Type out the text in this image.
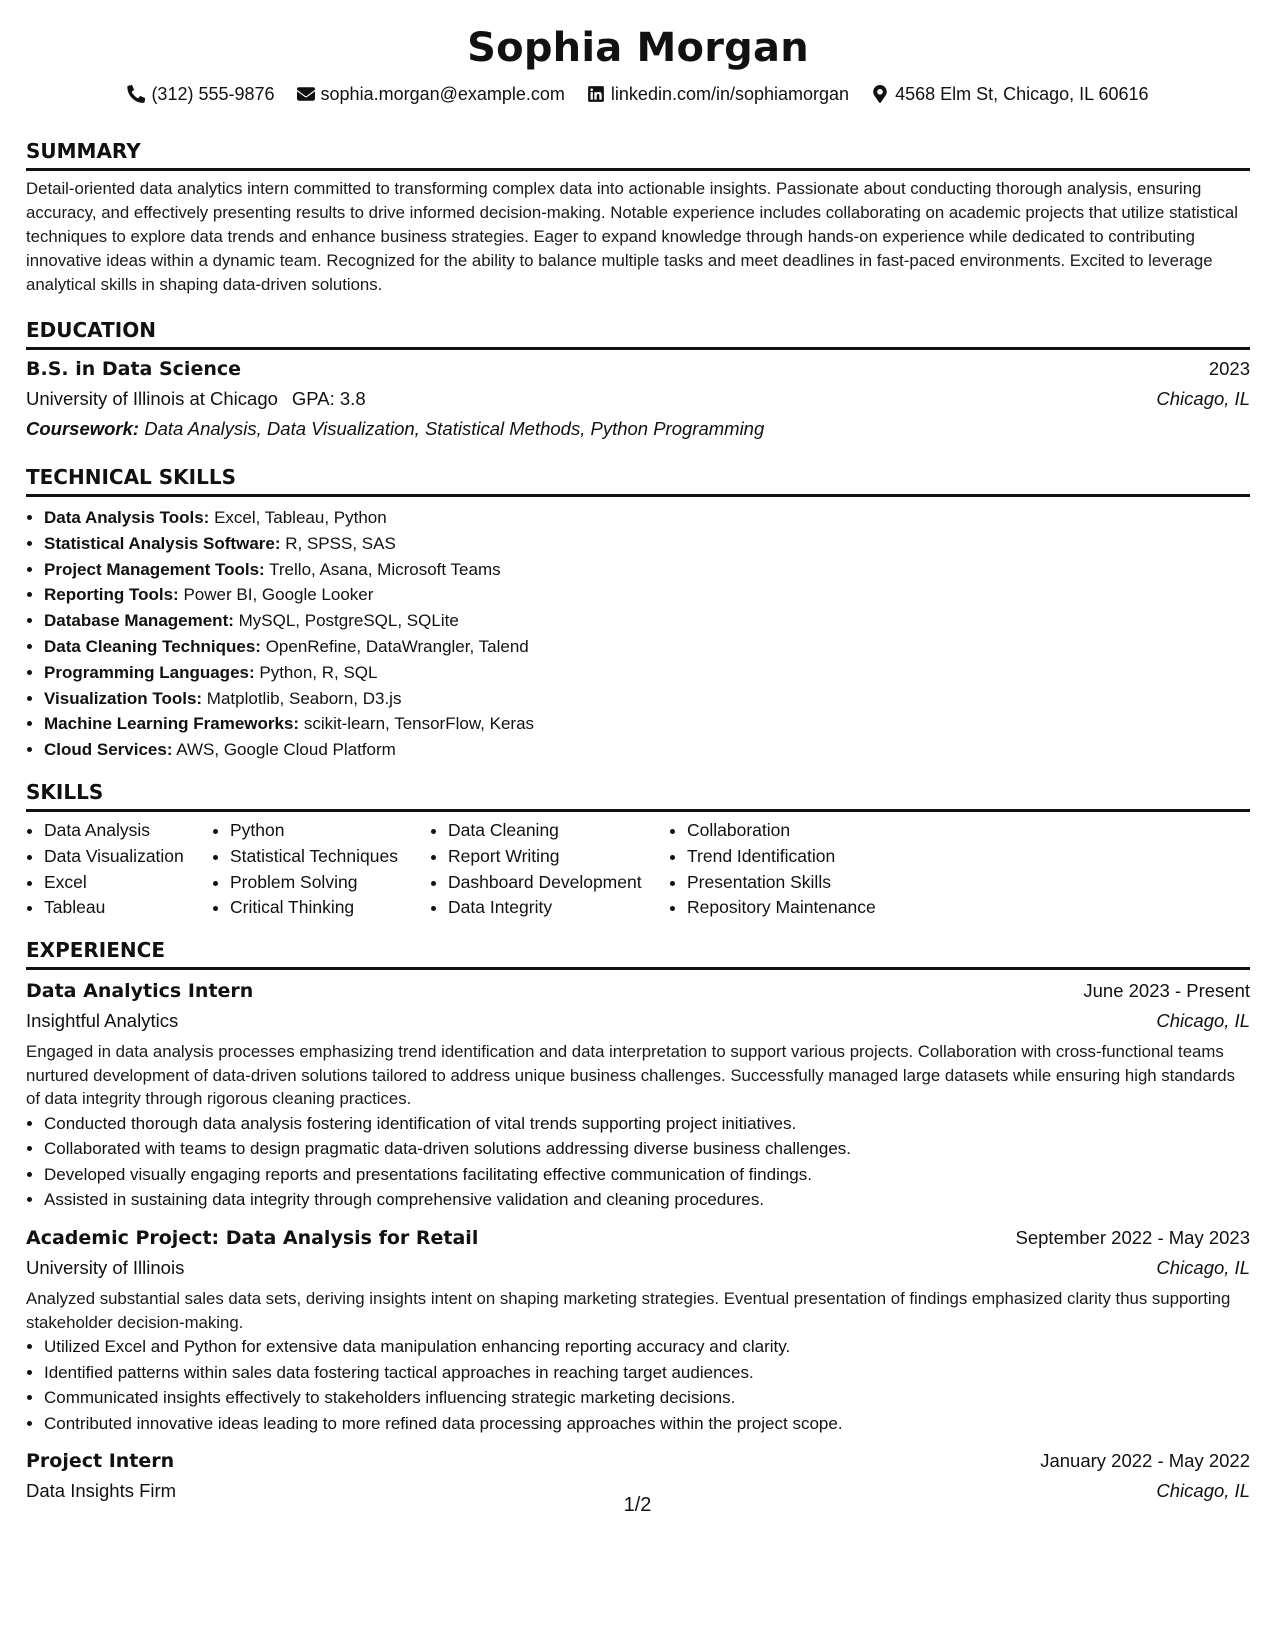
Sophia Morgan
(312) 555-9876	sophia.morgan@example.com	linkedin.com/in/sophiamorgan	4568 Elm St, Chicago, IL 60616
SUMMARY

Detail-oriented data analytics intern committed to transforming complex data into actionable insights. Passionate about conducting thorough analysis, ensuring accuracy, and effectively presenting results to drive informed decision-making. Notable experience includes collaborating on academic projects that utilize statistical techniques to explore data trends and enhance business strategies. Eager to expand knowledge through hands-on experience while dedicated to contributing innovative ideas within a dynamic team. Recognized for the ability to balance multiple tasks and meet deadlines in fast-paced environments. Excited to leverage analytical skills in shaping data-driven solutions.

EDUCATION
B.S. in Data Science	2023
University of Illinois at Chicago GPA: 3.8	Chicago, IL
Coursework: Data Analysis, Data Visualization, Statistical Methods, Python Programming
TECHNICAL SKILLS
• Data Analysis Tools: Excel, Tableau, Python
• Statistical Analysis Software: R, SPSS, SAS
• Project Management Tools: Trello, Asana, Microsoft Teams
• Reporting Tools: Power BI, Google Looker
• Database Management: MySQL, PostgreSQL, SQLite
• Data Cleaning Techniques: OpenRefine, DataWrangler, Talend
• Programming Languages: Python, R, SQL
• Visualization Tools: Matplotlib, Seaborn, D3.js
• Machine Learning Frameworks: scikit-learn, TensorFlow, Keras
• Cloud Services: AWS, Google Cloud Platform
SKILLS
• Data Analysis
• Data Visualization
• Excel
• Tableau
• Python
• Statistical Techniques
• Problem Solving
• Critical Thinking
• Data Cleaning
• Report Writing
• Dashboard Development
• Data Integrity
• Collaboration
• Trend Identification
• Presentation Skills
• Repository Maintenance
EXPERIENCE
Data Analytics Intern	June 2023 - Present
Insightful Analytics	Chicago, IL

Engaged in data analysis processes emphasizing trend identification and data interpretation to support various projects. Collaboration with cross-functional teams nurtured development of data-driven solutions tailored to address unique business challenges. Successfully managed large datasets while ensuring high standards of data integrity through rigorous cleaning practices.

• Conducted thorough data analysis fostering identification of vital trends supporting project initiatives.
• Collaborated with teams to design pragmatic data-driven solutions addressing diverse business challenges.
• Developed visually engaging reports and presentations facilitating effective communication of findings.
• Assisted in sustaining data integrity through comprehensive validation and cleaning procedures.
Academic Project: Data Analysis for Retail	September 2022 - May 2023
University of Illinois	Chicago, IL

Analyzed substantial sales data sets, deriving insights intent on shaping marketing strategies. Eventual presentation of findings emphasized clarity thus supporting stakeholder decision-making.

• Utilized Excel and Python for extensive data manipulation enhancing reporting accuracy and clarity.
• Identified patterns within sales data fostering tactical approaches in reaching target audiences.
• Communicated insights effectively to stakeholders influencing strategic marketing decisions.
• Contributed innovative ideas leading to more refined data processing approaches within the project scope.
Project Intern	January 2022 - May 2022
Data Insights Firm	Chicago, IL
1/2
